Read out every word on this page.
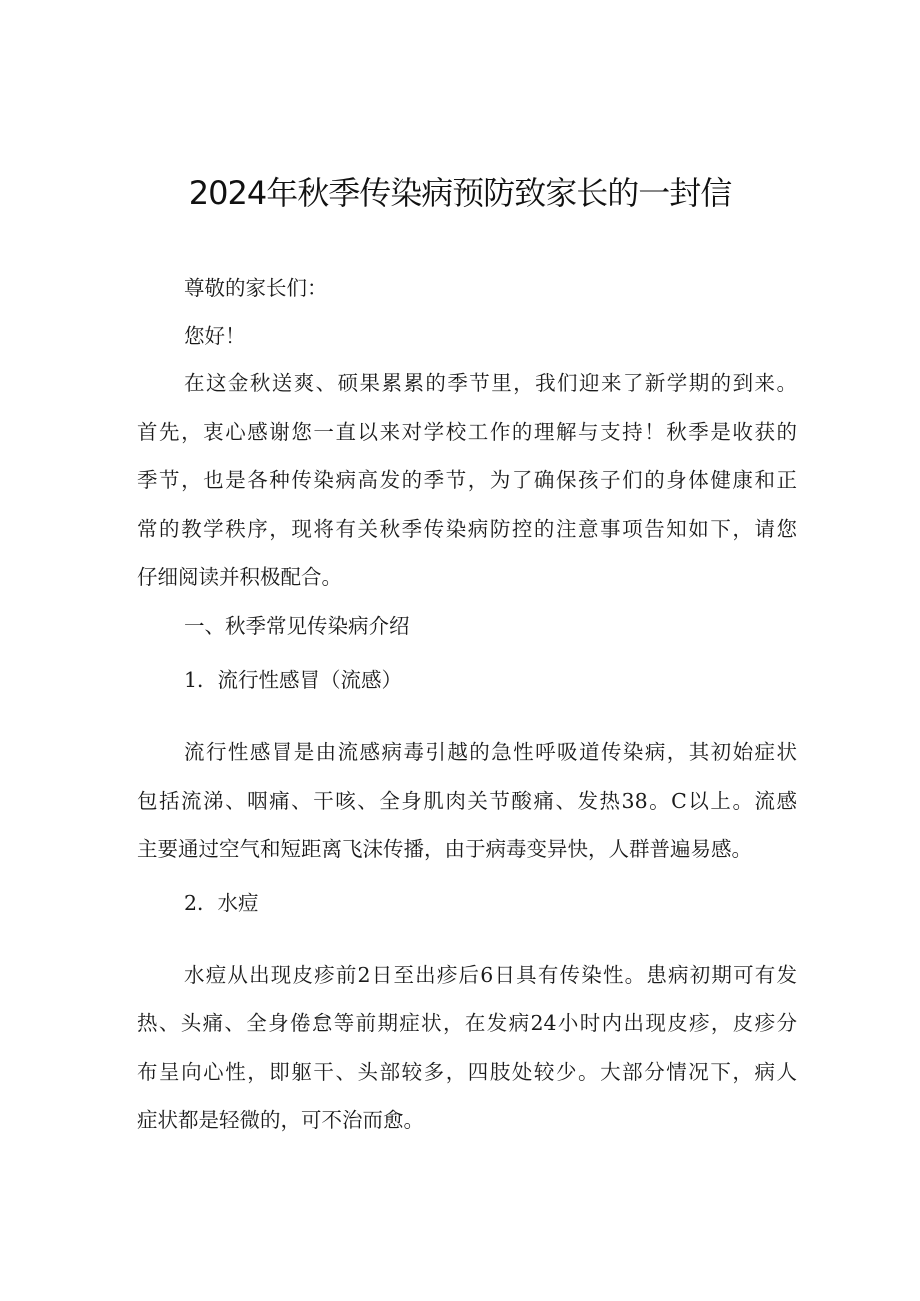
2024年秋季传染病预防致家长的一封信
尊敬的家长们：
您好！
在这金秋送爽、硕果累累的季节里，我们迎来了新学期的到来。
首先，衷心感谢您一直以来对学校工作的理解与支持！秋季是收获的
季节，也是各种传染病高发的季节，为了确保孩子们的身体健康和正
常的教学秩序，现将有关秋季传染病防控的注意事项告知如下，请您
仔细阅读并积极配合。
一、秋季常见传染病介绍
1．流行性感冒（流感）
流行性感冒是由流感病毒引越的急性呼吸道传染病，其初始症状
包括流涕、咽痛、干咳、全身肌肉关节酸痛、发热38。C以上。流感
主要通过空气和短距离飞沫传播，由于病毒变异快，人群普遍易感。
2．水痘
水痘从出现皮疹前2日至出疹后6日具有传染性。患病初期可有发
热、头痛、全身倦怠等前期症状，在发病24小时内出现皮疹，皮疹分
布呈向心性，即躯干、头部较多，四肢处较少。大部分情况下，病人
症状都是轻微的，可不治而愈。
